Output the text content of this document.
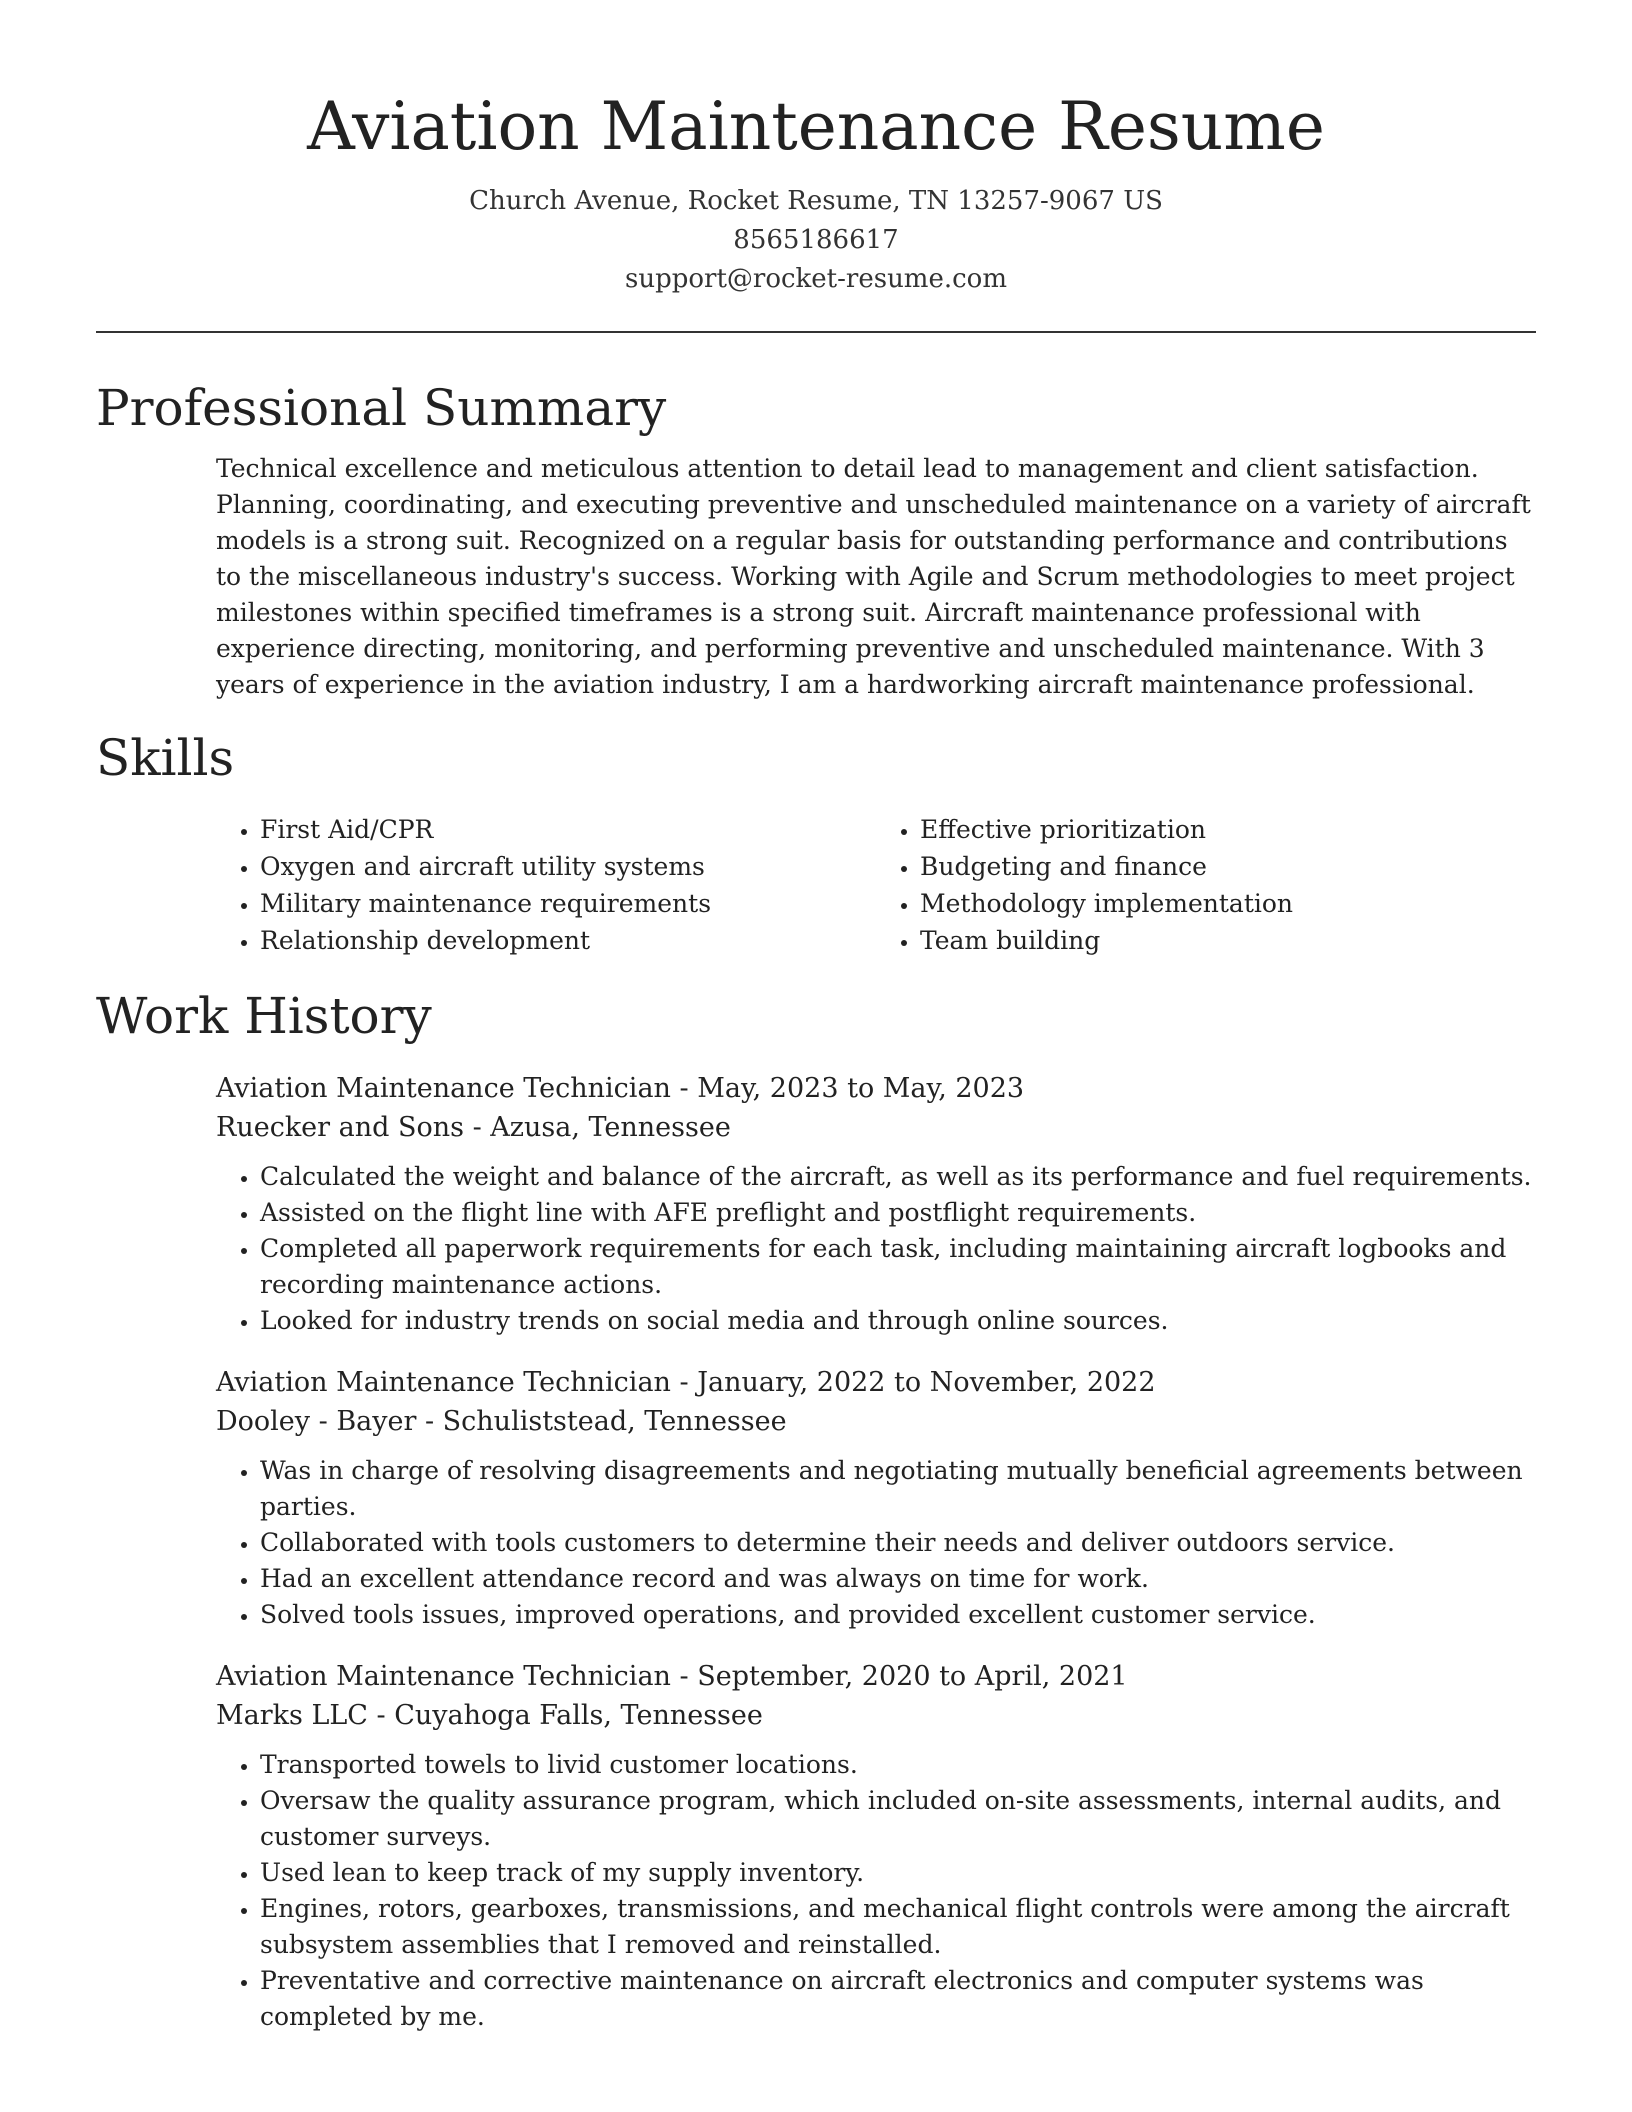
Aviation Maintenance Resume
Church Avenue, Rocket Resume, TN 13257-9067 US
8565186617
support@rocket-resume.com
Professional Summary

Technical excellence and meticulous attention to detail lead to management and client satisfaction. Planning, coordinating, and executing preventive and unscheduled maintenance on a variety of aircraft models is a strong suit. Recognized on a regular basis for outstanding performance and contributions to the miscellaneous industry's success. Working with Agile and Scrum methodologies to meet project milestones within specified timeframes is a strong suit. Aircraft maintenance professional with experience directing, monitoring, and performing preventive and unscheduled maintenance. With 3 years of experience in the aviation industry, I am a hardworking aircraft maintenance professional.

Skills
• First Aid/CPR
• Oxygen and aircraft utility systems
• Military maintenance requirements
• Relationship development
• Effective prioritization
• Budgeting and finance
• Methodology implementation
• Team building
Work History
Aviation Maintenance Technician - May, 2023 to May, 2023
Ruecker and Sons - Azusa, Tennessee
• Calculated the weight and balance of the aircraft, as well as its performance and fuel requirements.
• Assisted on the flight line with AFE preflight and postflight requirements.
• Completed all paperwork requirements for each task, including maintaining aircraft logbooks and recording maintenance actions.
• Looked for industry trends on social media and through online sources.
Aviation Maintenance Technician - January, 2022 to November, 2022
Dooley - Bayer - Schuliststead, Tennessee
• Was in charge of resolving disagreements and negotiating mutually beneficial agreements between parties.
• Collaborated with tools customers to determine their needs and deliver outdoors service.
• Had an excellent attendance record and was always on time for work.
• Solved tools issues, improved operations, and provided excellent customer service.
Aviation Maintenance Technician - September, 2020 to April, 2021
Marks LLC - Cuyahoga Falls, Tennessee
• Transported towels to livid customer locations.
• Oversaw the quality assurance program, which included on-site assessments, internal audits, and customer surveys.
• Used lean to keep track of my supply inventory.
• Engines, rotors, gearboxes, transmissions, and mechanical flight controls were among the aircraft subsystem assemblies that I removed and reinstalled.
• Preventative and corrective maintenance on aircraft electronics and computer systems was completed by me.
